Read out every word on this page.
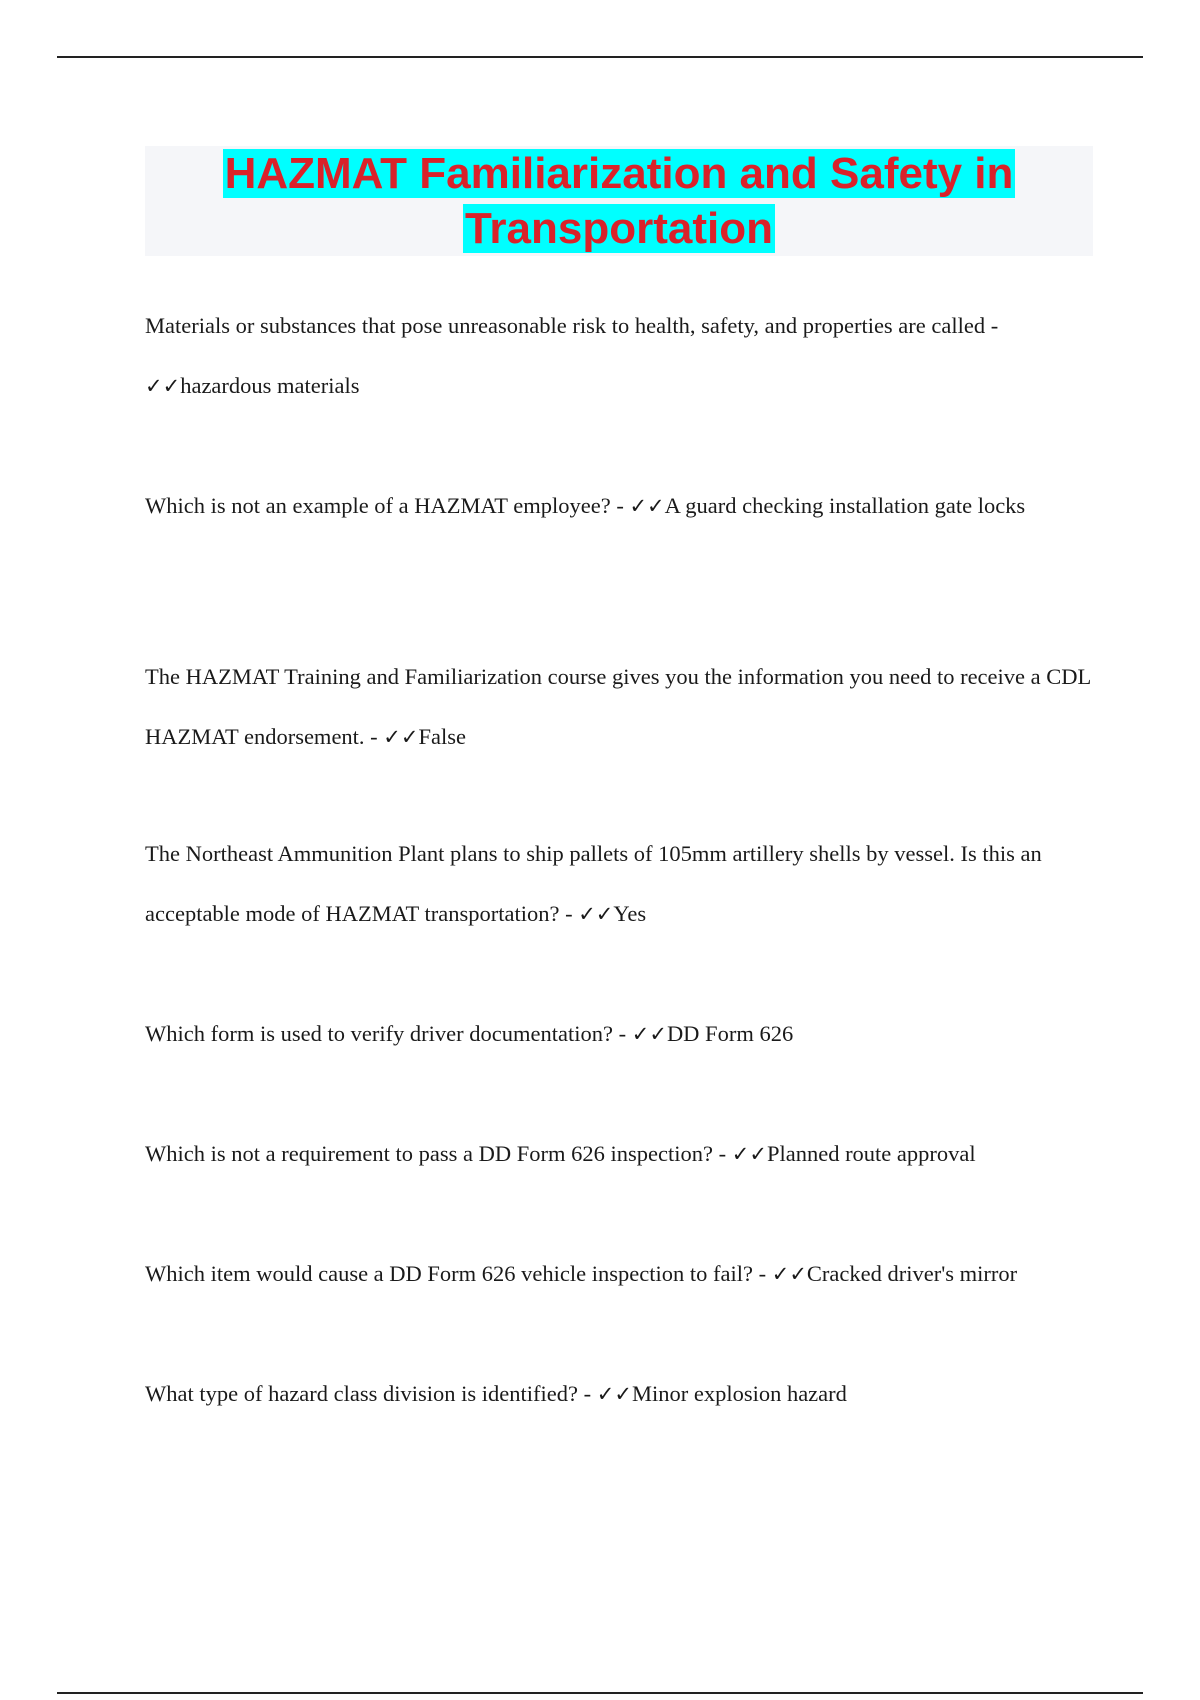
HAZMAT Familiarization and Safety in Transportation
Materials or substances that pose unreasonable risk to health, safety, and properties are called - ✓✓hazardous materials
Which is not an example of a HAZMAT employee? - ✓✓A guard checking installation gate locks
The HAZMAT Training and Familiarization course gives you the information you need to receive a CDL HAZMAT endorsement. - ✓✓False
The Northeast Ammunition Plant plans to ship pallets of 105mm artillery shells by vessel. Is this an acceptable mode of HAZMAT transportation? - ✓✓Yes
Which form is used to verify driver documentation? - ✓✓DD Form 626
Which is not a requirement to pass a DD Form 626 inspection? - ✓✓Planned route approval
Which item would cause a DD Form 626 vehicle inspection to fail? - ✓✓Cracked driver's mirror
What type of hazard class division is identified? - ✓✓Minor explosion hazard
